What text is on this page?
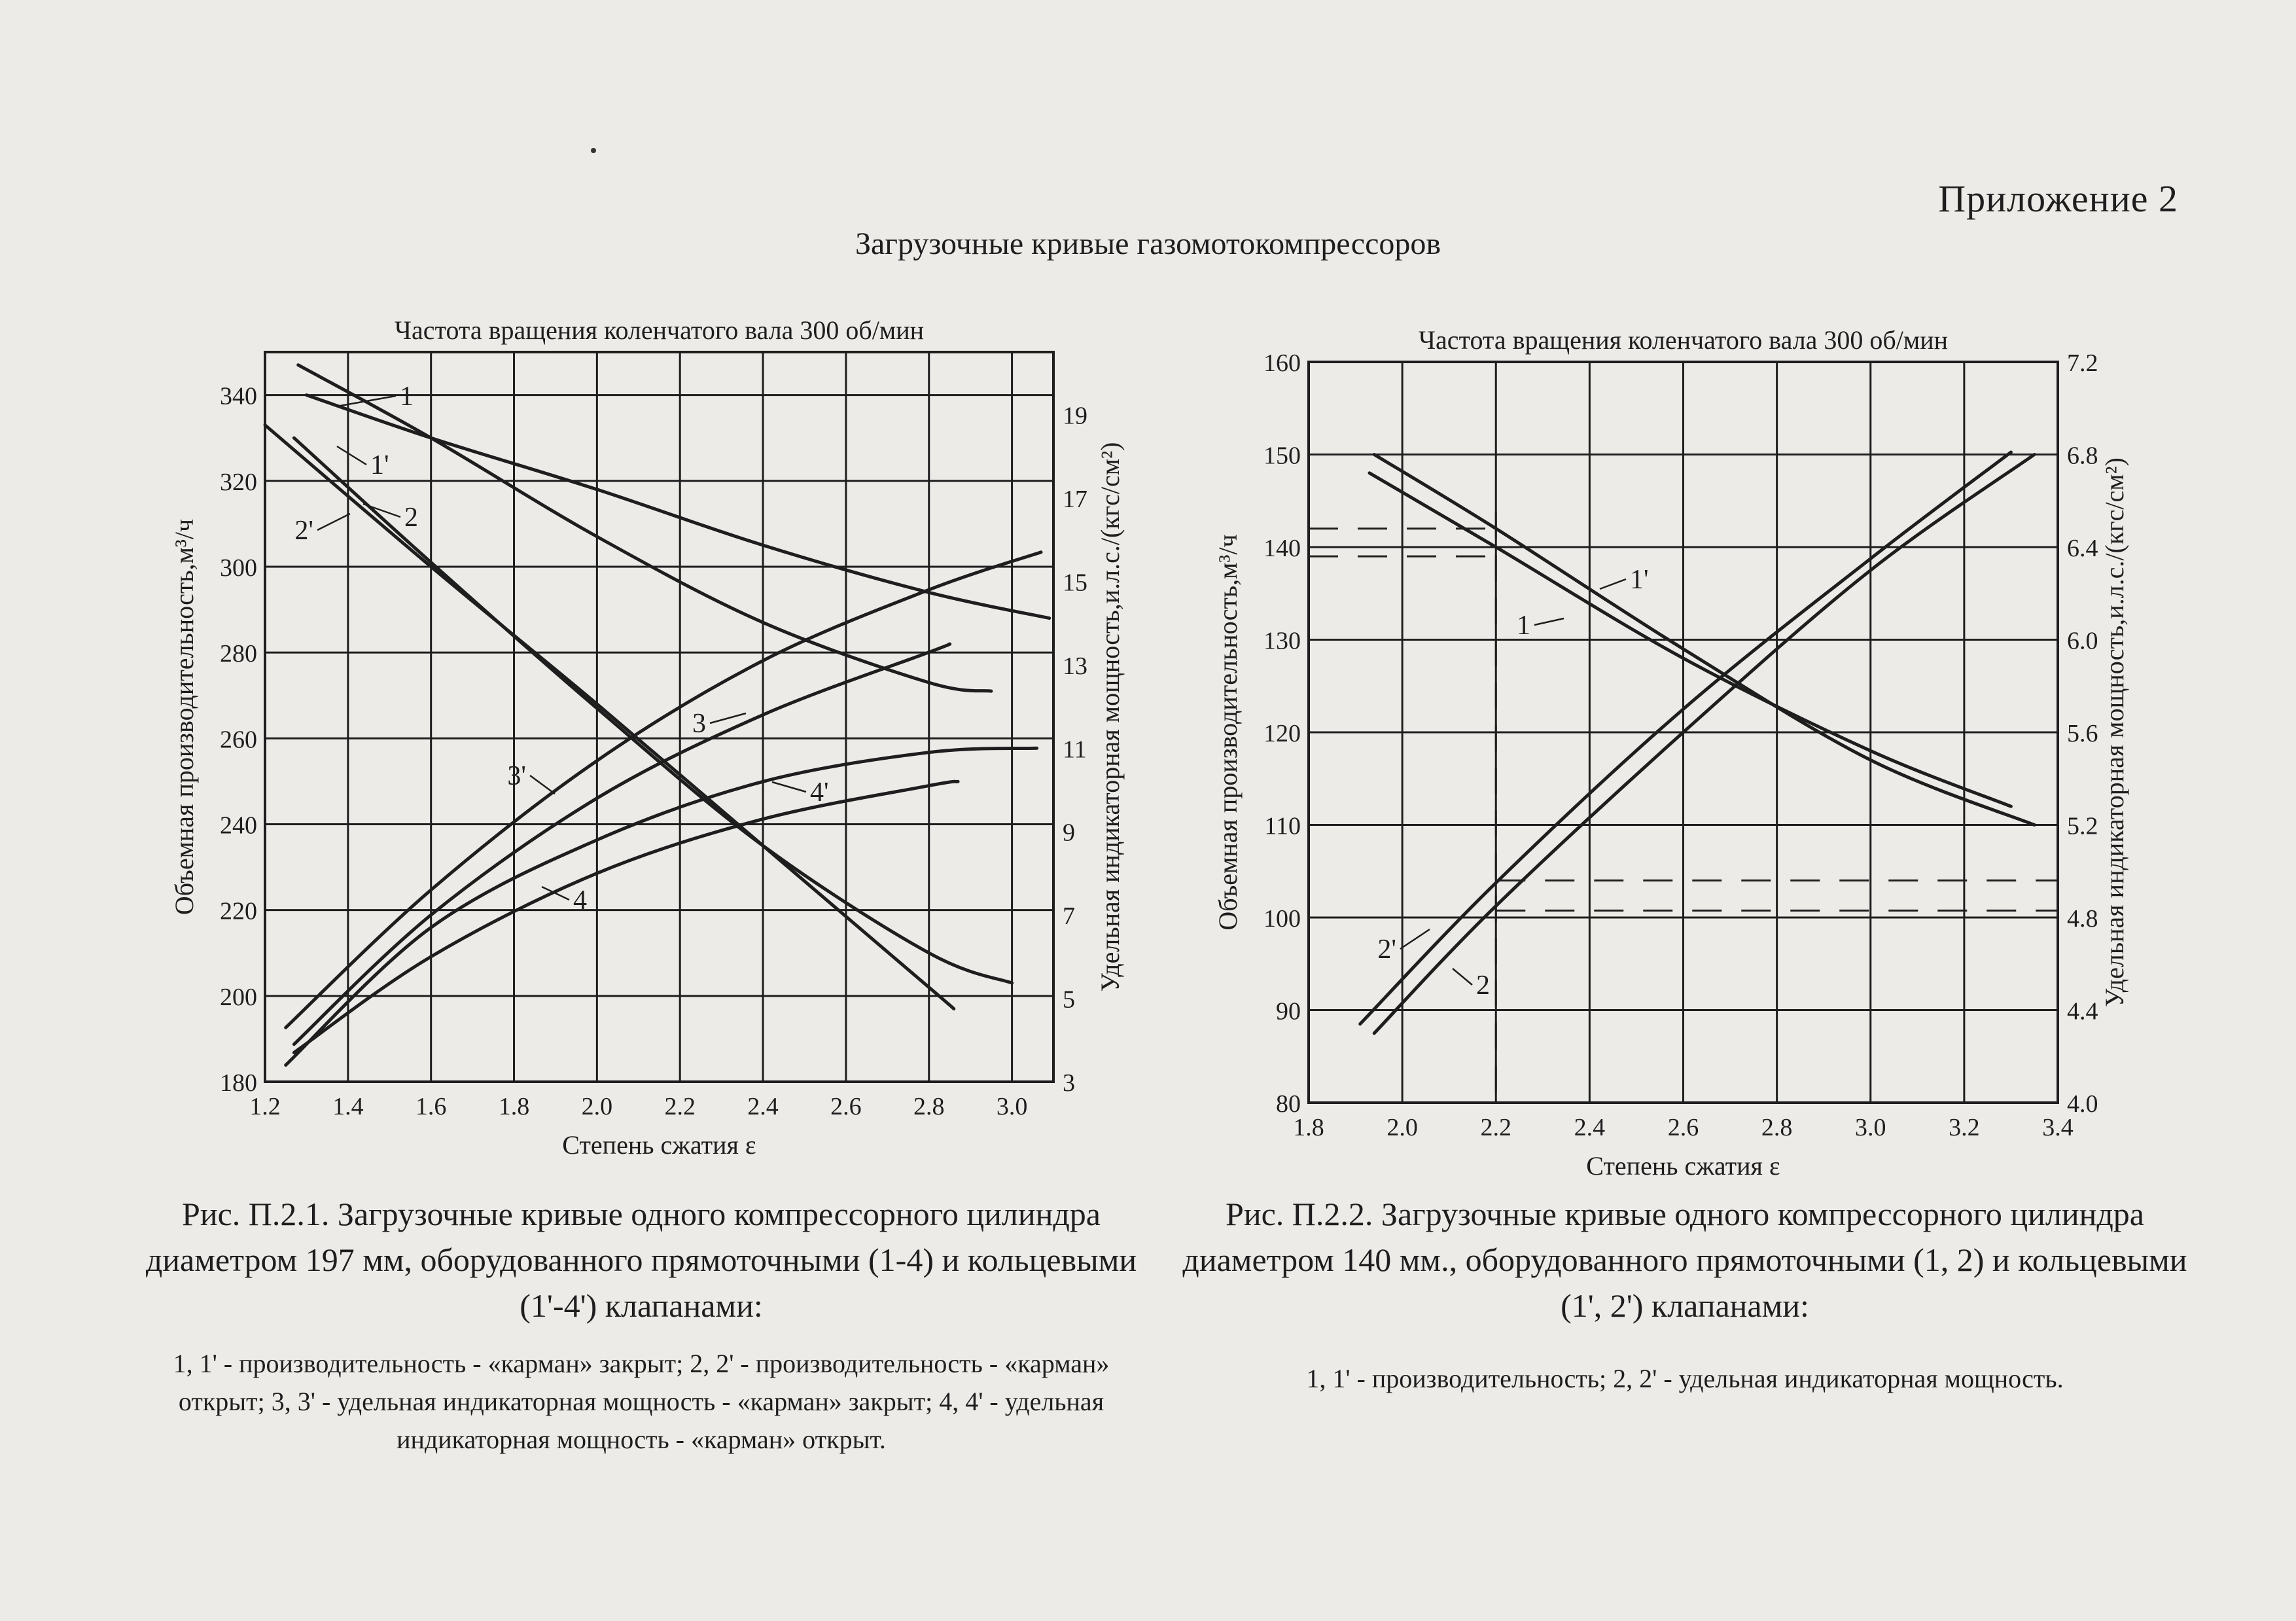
Приложение 2
Загрузочные кривые газомотокомпрессоров
1.2 1.4 1.6 1.8 2.0 2.2 2.4 2.6 2.8 3.0
180
200
220
240
260
280
300
320
340
3
5
7
9
11
13
15
17
19
Частота вращения коленчатого вала 300 об/мин
Степень сжатия ε
Объемная производительность,м³/ч	Удельная индикаторная мощность,и.л.с./(кгс/см²)
1
1'
2
2'
3
3'
4
4'
1.8	2.0	2.2	2.4	2.6	2.8	3.0	3.2	3.4
80
90
100
110
120
130
140
150
160
4.0
4.4
4.8
5.2
5.6
6.0
6.4
6.8
7.2
Частота вращения коленчатого вала 300 об/мин
Степень сжатия ε
Объемная производительность,м³/ч	Удельная индикаторная мощность,и.л.с./(кгс/см²)
1
1'
2
2'
Рис. П.2.1. Загрузочные кривые одного компрессорного цилиндра диаметром 197 мм, оборудованного прямоточными (1-4) и кольцевыми (1'-4') клапанами:
1, 1' - производительность - «карман» закрыт; 2, 2' - производительность - «карман» открыт; 3, 3' - удельная индикаторная мощность - «карман» закрыт; 4, 4' - удельная индикаторная мощность - «карман» открыт.
Рис. П.2.2. Загрузочные кривые одного компрессорного цилиндра диаметром 140 мм., оборудованного прямоточными (1, 2) и кольцевыми (1', 2') клапанами:
1, 1' - производительность; 2, 2' - удельная индикаторная мощность.
